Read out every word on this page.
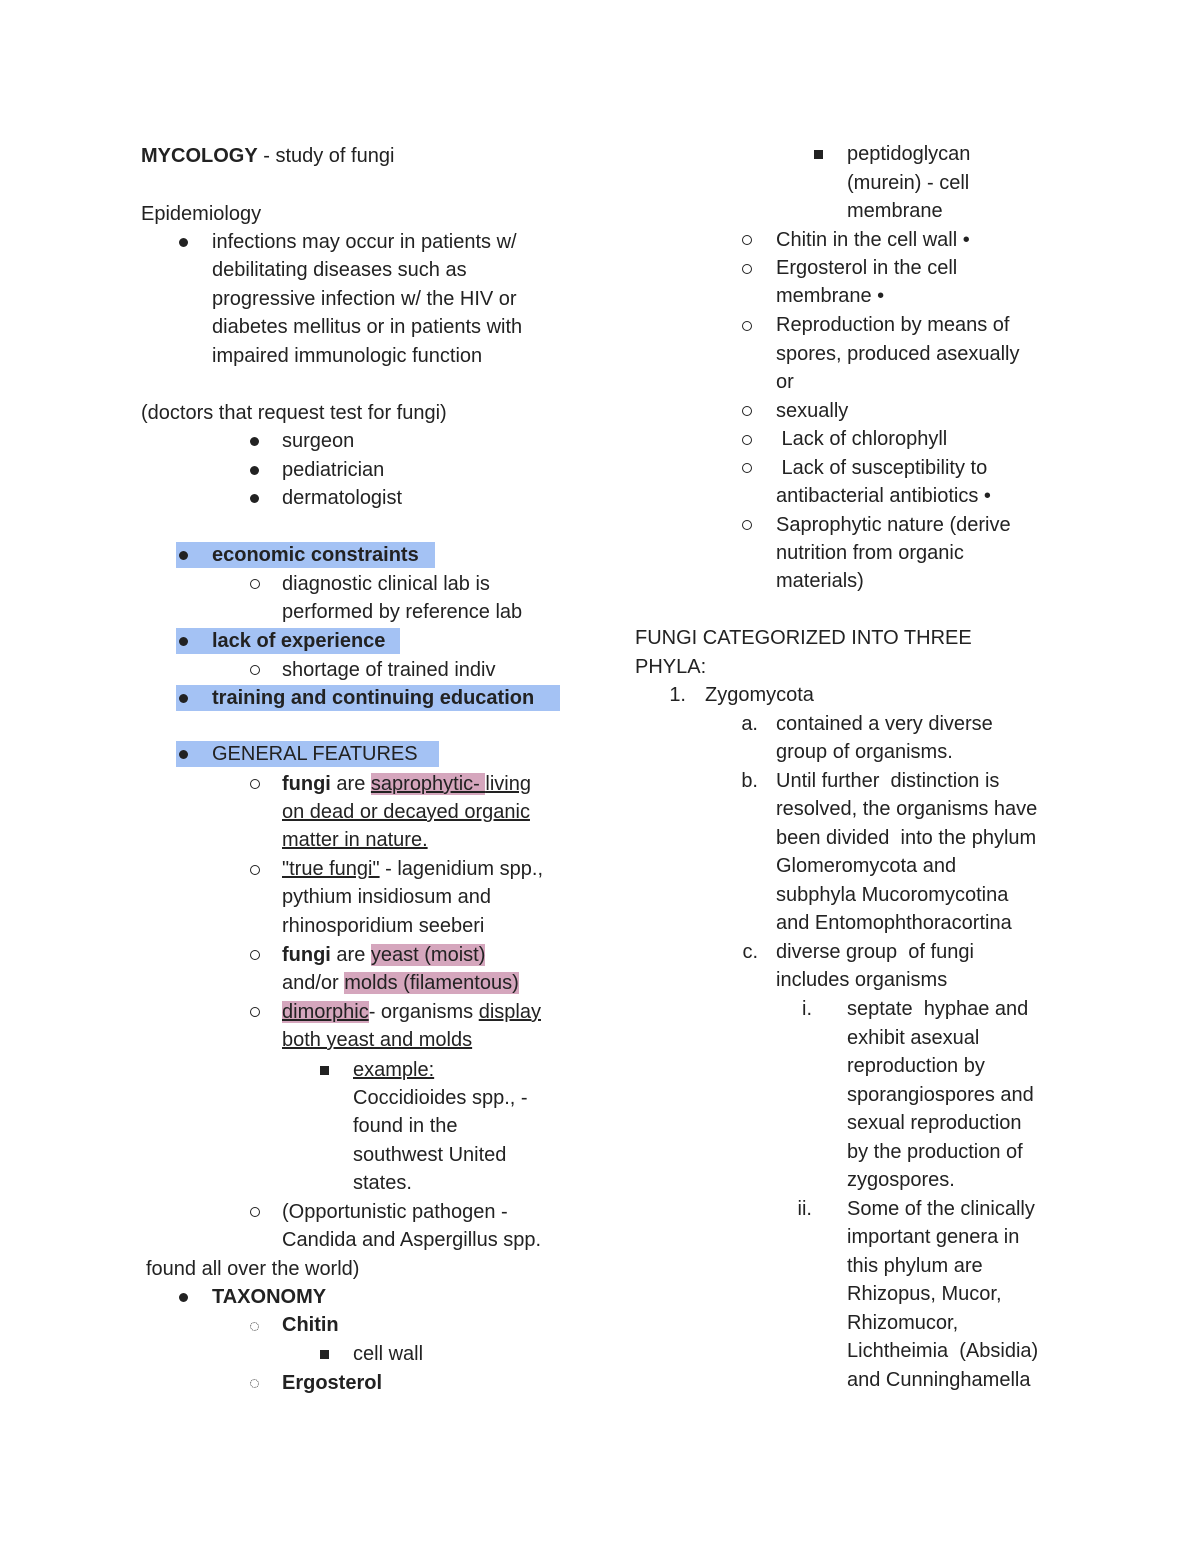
MYCOLOGY - study of fungi
Epidemiology
infections may occur in patients w/
debilitating diseases such as
progressive infection w/ the HIV or
diabetes mellitus or in patients with
impaired immunologic function
(doctors that request test for fungi)
surgeon
pediatrician
dermatologist
economic constraints
diagnostic clinical lab is
performed by reference lab
lack of experience
shortage of trained indiv
training and continuing education
GENERAL FEATURES
fungi are saprophytic- living
on dead or decayed organic
matter in nature.
"true fungi" - lagenidium spp.,
pythium insidiosum and
rhinosporidium seeberi
fungi are yeast (moist)
and/or molds (filamentous)
dimorphic- organisms display
both yeast and molds
example:
Coccidioides spp., -
found in the
southwest United
states.
(Opportunistic pathogen -
Candida and Aspergillus spp.
found all over the world)
TAXONOMY
Chitin
cell wall
Ergosterol
peptidoglycan
(murein) - cell
membrane
Chitin in the cell wall •
Ergosterol in the cell
membrane •
Reproduction by means of
spores, produced asexually
or
sexually
Lack of chlorophyll
Lack of susceptibility to
antibacterial antibiotics •
Saprophytic nature (derive
nutrition from organic
materials)
FUNGI CATEGORIZED INTO THREE
PHYLA:
1. Zygomycota
a. contained a very diverse
group of organisms.
b. Until further  distinction is
resolved, the organisms have
been divided  into the phylum
Glomeromycota and
subphyla Mucoromycotina
and Entomophthoracortina
c. diverse group  of fungi
includes organisms
i. septate  hyphae and
exhibit asexual
reproduction by
sporangiospores and
sexual reproduction
by the production of
zygospores.
ii. Some of the clinically
important genera in
this phylum are
Rhizopus, Mucor,
Rhizomucor,
Lichtheimia  (Absidia)
and Cunninghamella
